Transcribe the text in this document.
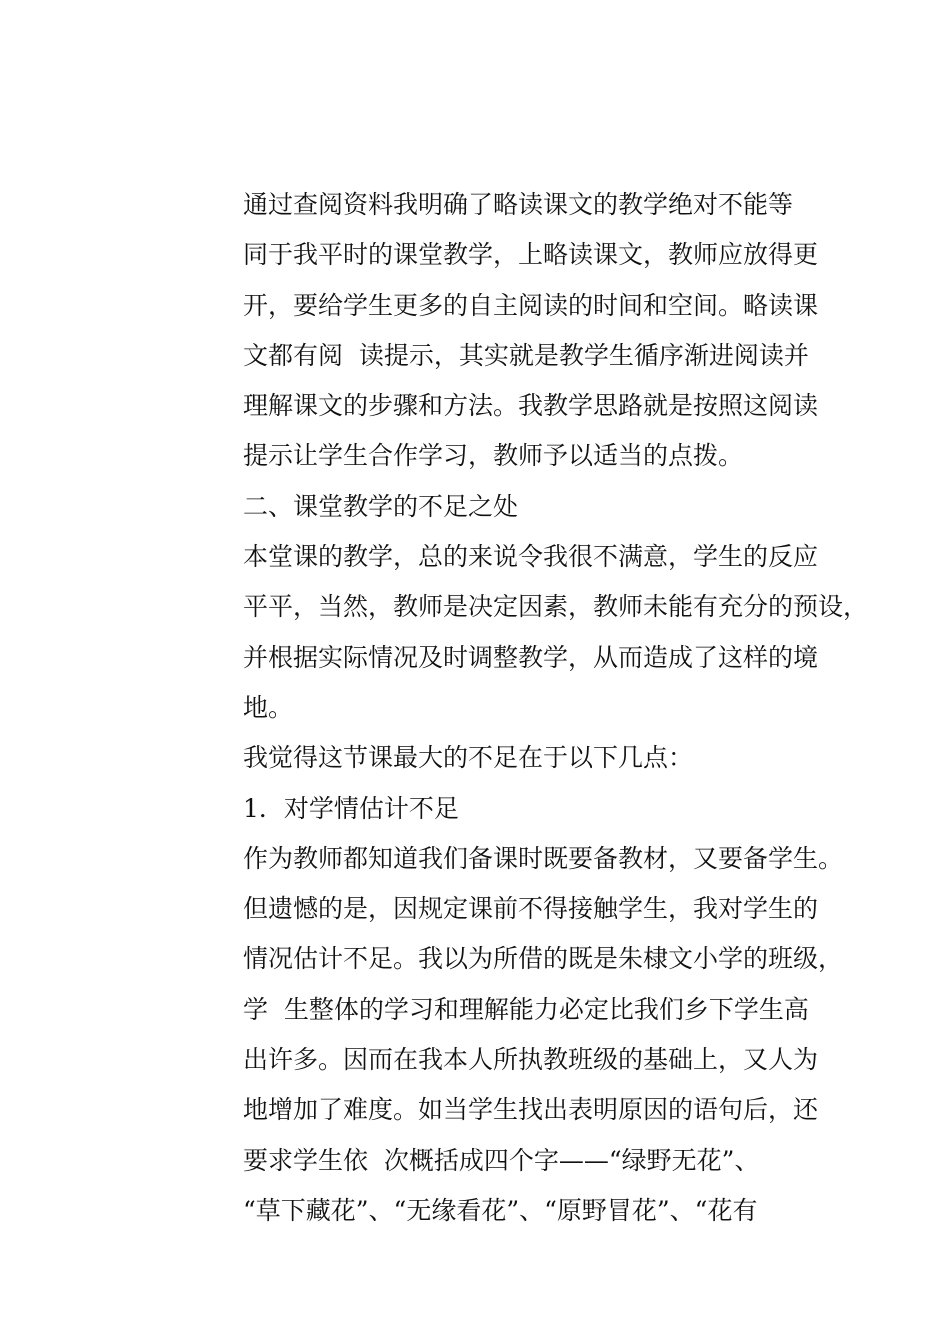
通过查阅资料我明确了略读课文的教学绝对不能等

同于我平时的课堂教学，上略读课文，教师应放得更

开，要给学生更多的自主阅读的时间和空间。略读课

文都有阅  读提示，其实就是教学生循序渐进阅读并

理解课文的步骤和方法。我教学思路就是按照这阅读

提示让学生合作学习，教师予以适当的点拨。

二、课堂教学的不足之处

本堂课的教学，总的来说令我很不满意，学生的反应

平平，当然，教师是决定因素，教师未能有充分的预设，

并根据实际情况及时调整教学，从而造成了这样的境

地。

我觉得这节课最大的不足在于以下几点：

1．对学情估计不足

作为教师都知道我们备课时既要备教材，又要备学生。

但遗憾的是，因规定课前不得接触学生，我对学生的

情况估计不足。我以为所借的既是朱棣文小学的班级，

学  生整体的学习和理解能力必定比我们乡下学生高

出许多。因而在我本人所执教班级的基础上，又人为

地增加了难度。如当学生找出表明原因的语句后，还

要求学生依  次概括成四个字——“绿野无花”、

“草下藏花”、“无缘看花”、“原野冒花”、“花有
